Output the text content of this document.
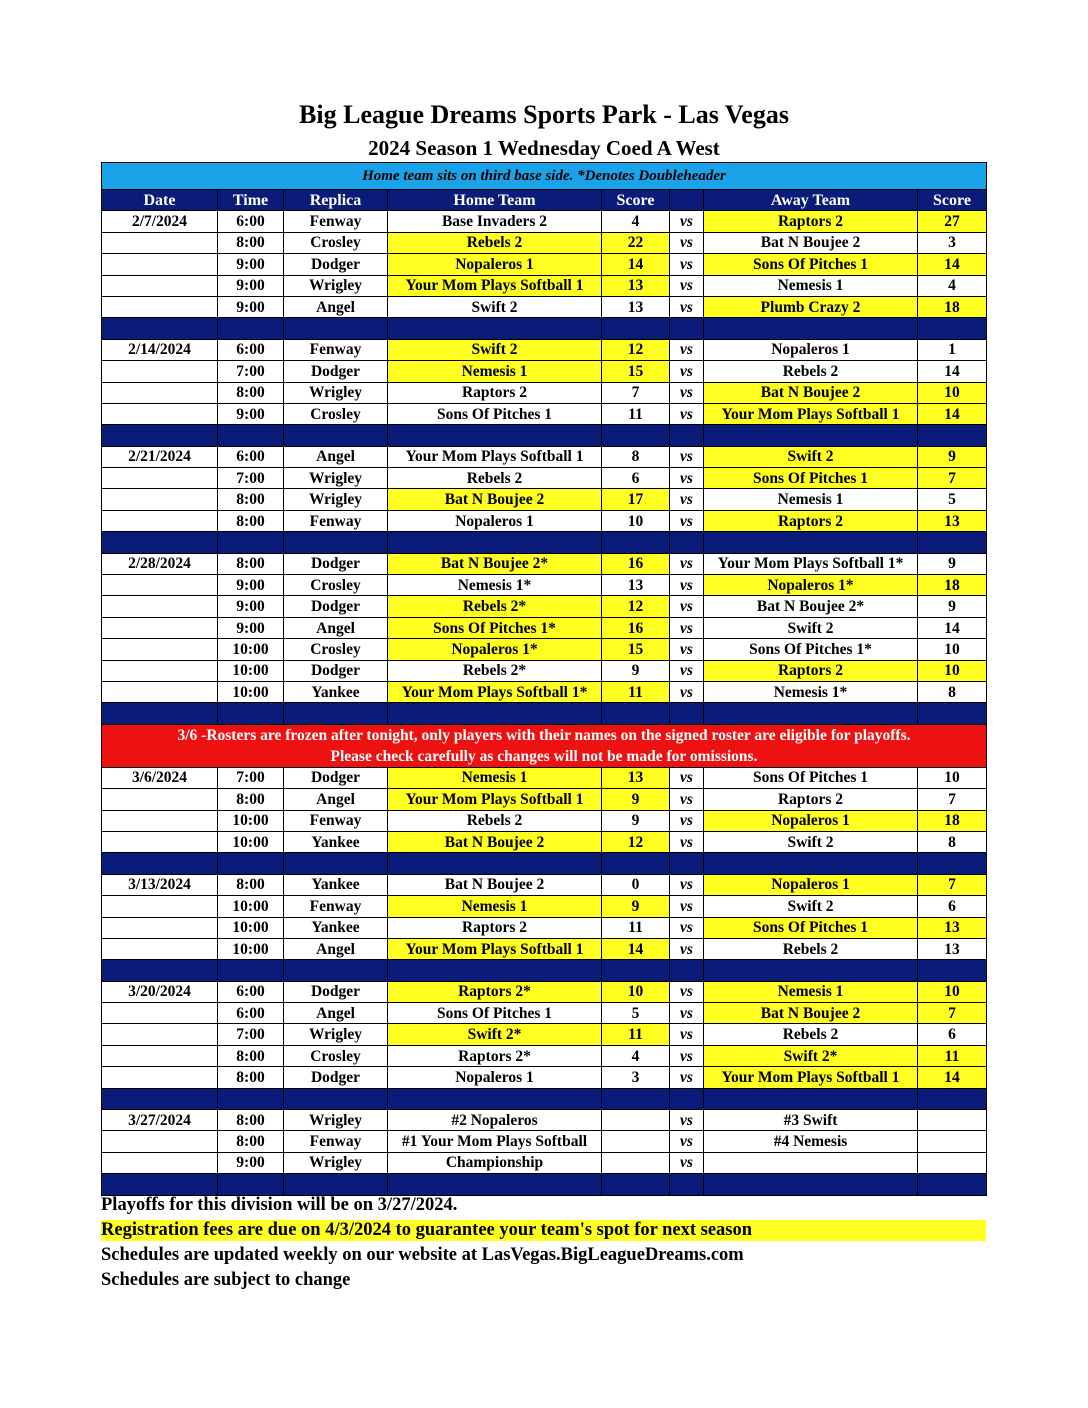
Big League Dreams Sports Park - Las Vegas
2024 Season 1 Wednesday Coed A West
Home team sits on third base side. *Denotes Doubleheader							
Date	Time	Replica	Home Team	Score		Away Team	Score
2/7/2024	6:00	Fenway	Base Invaders 2	4	vs	Raptors 2	27
	8:00	Crosley	Rebels 2	22	vs	Bat N Boujee 2	3
	9:00	Dodger	Nopaleros 1	14	vs	Sons Of Pitches 1	14
	9:00	Wrigley	Your Mom Plays Softball 1	13	vs	Nemesis 1	4
	9:00	Angel	Swift 2	13	vs	Plumb Crazy 2	18

2/14/2024	6:00	Fenway	Swift 2	12	vs	Nopaleros 1	1
	7:00	Dodger	Nemesis 1	15	vs	Rebels 2	14
	8:00	Wrigley	Raptors 2	7	vs	Bat N Boujee 2	10
	9:00	Crosley	Sons Of Pitches 1	11	vs	Your Mom Plays Softball 1	14

2/21/2024	6:00	Angel	Your Mom Plays Softball 1	8	vs	Swift 2	9
	7:00	Wrigley	Rebels 2	6	vs	Sons Of Pitches 1	7
	8:00	Wrigley	Bat N Boujee 2	17	vs	Nemesis 1	5
	8:00	Fenway	Nopaleros 1	10	vs	Raptors 2	13

2/28/2024	8:00	Dodger	Bat N Boujee 2*	16	vs	Your Mom Plays Softball 1*	9
	9:00	Crosley	Nemesis 1*	13	vs	Nopaleros 1*	18
	9:00	Dodger	Rebels 2*	12	vs	Bat N Boujee 2*	9
	9:00	Angel	Sons Of Pitches 1*	16	vs	Swift 2	14
	10:00	Crosley	Nopaleros 1*	15	vs	Sons Of Pitches 1*	10
	10:00	Dodger	Rebels 2*	9	vs	Raptors 2	10
	10:00	Yankee	Your Mom Plays Softball 1*	11	vs	Nemesis 1*	8

3/6 -Rosters are frozen after tonight, only players with their names on the signed roster are eligible for playoffs.
Please check carefully as changes will not be made for omissions.							

3/6/2024	7:00	Dodger	Nemesis 1	13	vs	Sons Of Pitches 1	10
	8:00	Angel	Your Mom Plays Softball 1	9	vs	Raptors 2	7
	10:00	Fenway	Rebels 2	9	vs	Nopaleros 1	18
	10:00	Yankee	Bat N Boujee 2	12	vs	Swift 2	8

3/13/2024	8:00	Yankee	Bat N Boujee 2	0	vs	Nopaleros 1	7
	10:00	Fenway	Nemesis 1	9	vs	Swift 2	6
	10:00	Yankee	Raptors 2	11	vs	Sons Of Pitches 1	13
	10:00	Angel	Your Mom Plays Softball 1	14	vs	Rebels 2	13

3/20/2024	6:00	Dodger	Raptors 2*	10	vs	Nemesis 1	10
	6:00	Angel	Sons Of Pitches 1	5	vs	Bat N Boujee 2	7
	7:00	Wrigley	Swift 2*	11	vs	Rebels 2	6
	8:00	Crosley	Raptors 2*	4	vs	Swift 2*	11
	8:00	Dodger	Nopaleros 1	3	vs	Your Mom Plays Softball 1	14

3/27/2024	8:00	Wrigley	#2 Nopaleros		vs	#3 Swift	
	8:00	Fenway	#1 Your Mom Plays Softball		vs	#4 Nemesis	
	9:00	Wrigley	Championship		vs		

Playoffs for this division will be on 3/27/2024.
Registration fees are due on 4/3/2024 to guarantee your team's spot for next season
Schedules are updated weekly on our website at LasVegas.BigLeagueDreams.com
Schedules are subject to change
